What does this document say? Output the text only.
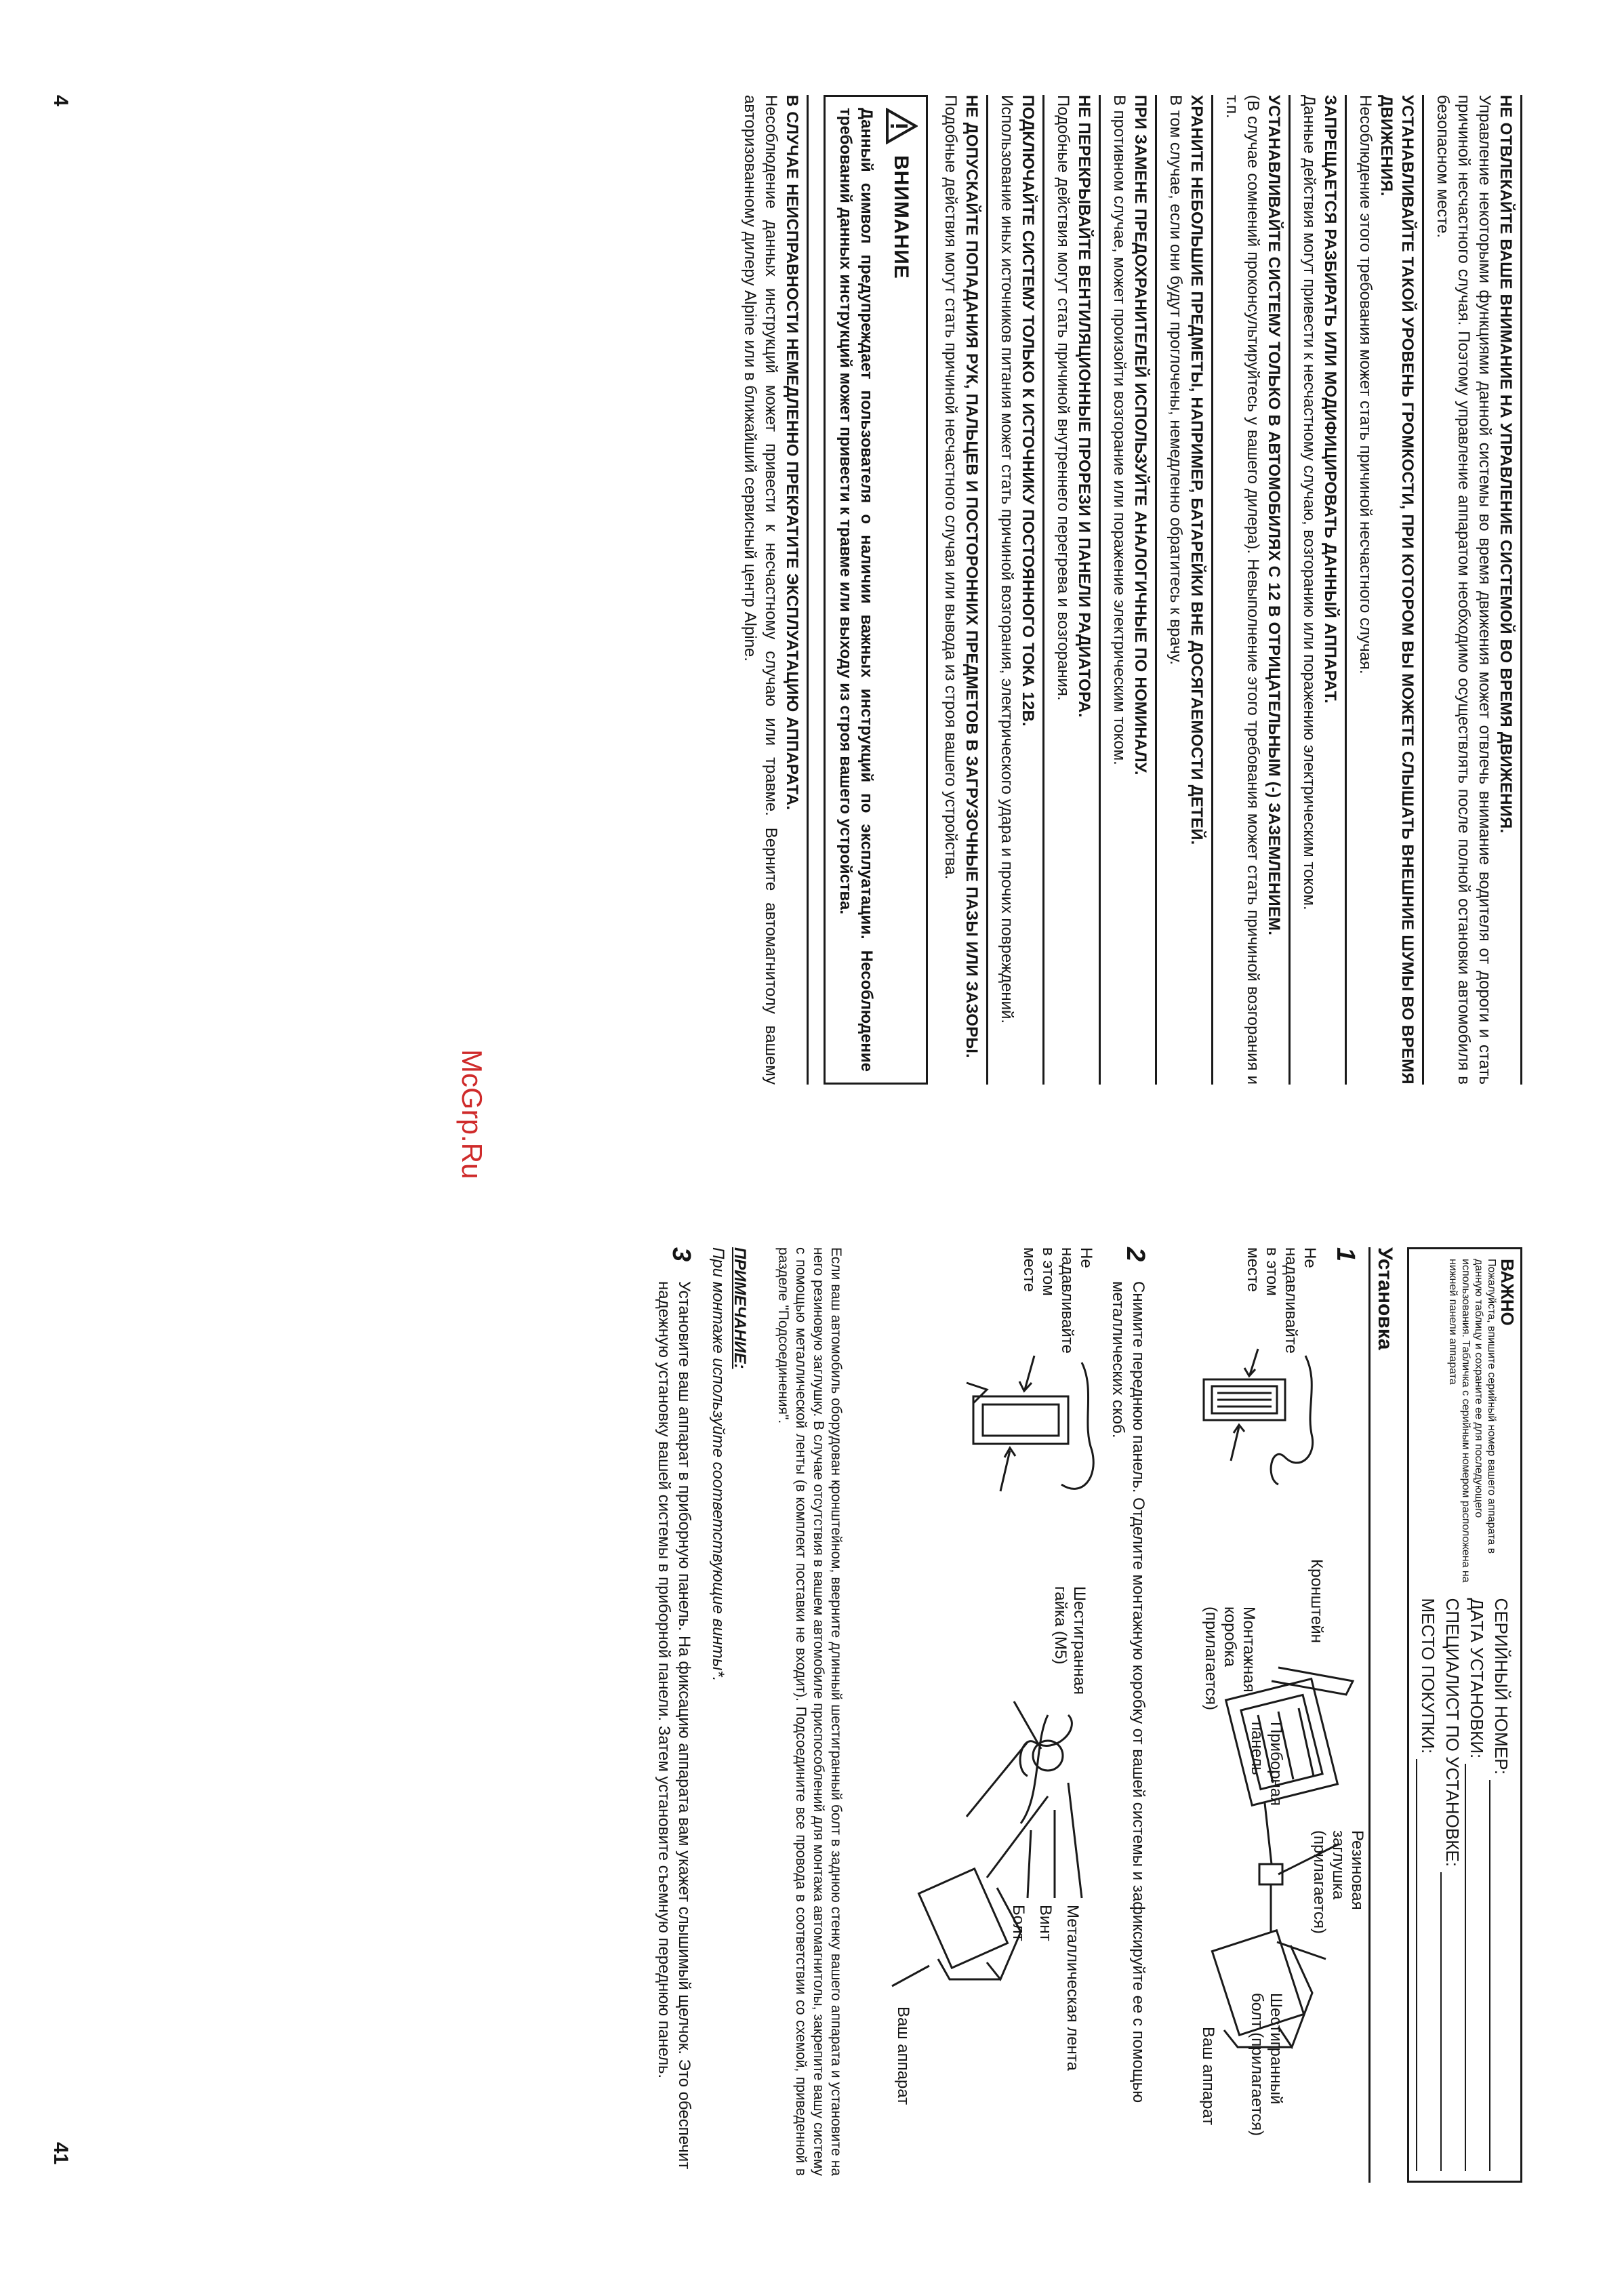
4
41
McGrp.Ru
НЕ ОТВЛЕКАЙТЕ ВАШЕ ВНИМАНИЕ НА УПРАВЛЕНИЕ СИСТЕМОЙ ВО ВРЕМЯ ДВИЖЕНИЯ.

Управление некоторыми функциями данной системы во время движения может отвлечь внимание водителя от дороги и стать причиной несчастного случая. Поэтому управление аппаратом необходимо осуществлять после полной остановки автомобиля в безопасном месте.

УСТАНАВЛИВАЙТЕ ТАКОЙ УРОВЕНЬ ГРОМКОСТИ, ПРИ КОТОРОМ ВЫ МОЖЕТЕ СЛЫШАТЬ ВНЕШНИЕ ШУМЫ ВО ВРЕМЯ ДВИЖЕНИЯ.

Несоблюдение этого требования может стать причиной несчастного случая.

ЗАПРЕЩАЕТСЯ РАЗБИРАТЬ ИЛИ МОДИФИЦИРОВАТЬ ДАННЫЙ АППАРАТ.

Данные действия могут привести к несчастному случаю, возгоранию или поражению электрическим током.

УСТАНАВЛИВАЙТЕ СИСТЕМУ ТОЛЬКО В АВТОМОБИЛЯХ С 12 В ОТРИЦАТЕЛЬНЫМ (-) ЗАЗЕМЛЕНИЕМ.

(В случае сомнений проконсультируйтесь у вашего дилера). Невыполнение этого требования может стать причиной возгорания и т.п.

ХРАНИТЕ НЕБОЛЬШИЕ ПРЕДМЕТЫ, НАПРИМЕР, БАТАРЕЙКИ ВНЕ ДОСЯГАЕМОСТИ ДЕТЕЙ.

В том случае, если они будут проглочены, немедленно обратитесь к врачу.

ПРИ ЗАМЕНЕ ПРЕДОХРАНИТЕЛЕЙ ИСПОЛЬЗУЙТЕ АНАЛОГИЧНЫЕ ПО НОМИНАЛУ.

В противном случае, может произойти возгорание или поражение электрическим током.

НЕ ПЕРЕКРЫВАЙТЕ ВЕНТИЛЯЦИОННЫЕ ПРОРЕЗИ И ПАНЕЛИ РАДИАТОРА.

Подобные действия могут стать причиной внутреннего перегрева и возгорания.

ПОДКЛЮЧАЙТЕ СИСТЕМУ ТОЛЬКО К ИСТОЧНИКУ ПОСТОЯННОГО ТОКА 12В.

Использование иных источников питания может стать причиной возгорания, электрического удара и прочих повреждений.

НЕ ДОПУСКАЙТЕ ПОПАДАНИЯ РУК, ПАЛЬЦЕВ И ПОСТОРОННИХ ПРЕДМЕТОВ В ЗАГРУЗОЧНЫЕ ПАЗЫ ИЛИ ЗАЗОРЫ.

Подобные действия могут стать причиной несчастного случая или вывода из строя вашего устройства.

ВНИМАНИЕ

Данный символ предупреждает пользователя о наличии важных инструкций по эксплуатации. Несоблюдение требований данных инструкций может привести к травме или выходу из строя вашего устройства.

В СЛУЧАЕ НЕИСПРАВНОСТИ НЕМЕДЛЕННО ПРЕКРАТИТЕ ЭКСПЛУАТАЦИЮ АППАРАТА.

Несоблюдение данных инструкций может привести к несчастному случаю или травме. Верните автомагнитолу вашему авторизованному дилеру Alpine или в ближайший сервисный центр Alpine.

ВАЖНО
Пожалуйста, впишите серийный номер вашего аппарата в данную таблицу и сохраните ее для последующего использования. Табличка с серийным номером расположена на нижней панели аппарата
СЕРИЙНЫЙ НОМЕР:
ДАТА УСТАНОВКИ:
СПЕЦИАЛИСТ ПО УСТАНОВКЕ:
МЕСТО ПОКУПКИ:
Установка
1
Не надавливайте в этом месте
Кронштейн
Монтажная коробка (прилагается)
Приборная панель
Резиновая заглушка (прилагается)
Шестигранный болт (прилагается)
Ваш аппарат
2
Снимите переднюю панель. Отделите монтажную коробку от вашей системы и зафиксируйте ее с помощью металлических скоб.
Не надавливайте в этом месте
Шестигранная гайка (M5)
Металлическая лента
Винт
Болт
Ваш аппарат
Если ваш автомобиль оборудован кронштейном, вверните длинный шестигранный болт в заднюю стенку вашего аппарата и установите на него резиновую заглушку. В случае отсутствия в вашем автомобиле приспособлений для монтажа автомагнитолы, закрепите вашу систему с помощью металлической ленты (в комплект поставки не входит). Подсоедините все провода в соответствии со схемой, приведенной в разделе "Подсоединения".
ПРИМЕЧАНИЕ:
При монтаже используйте соответствующие винты*.
3
Установите ваш аппарат в приборную панель. На фиксацию аппарата вам укажет слышимый щелчок. Это обеспечит надежную установку вашей системы в приборной панели. Затем установите съемную переднюю панель.
